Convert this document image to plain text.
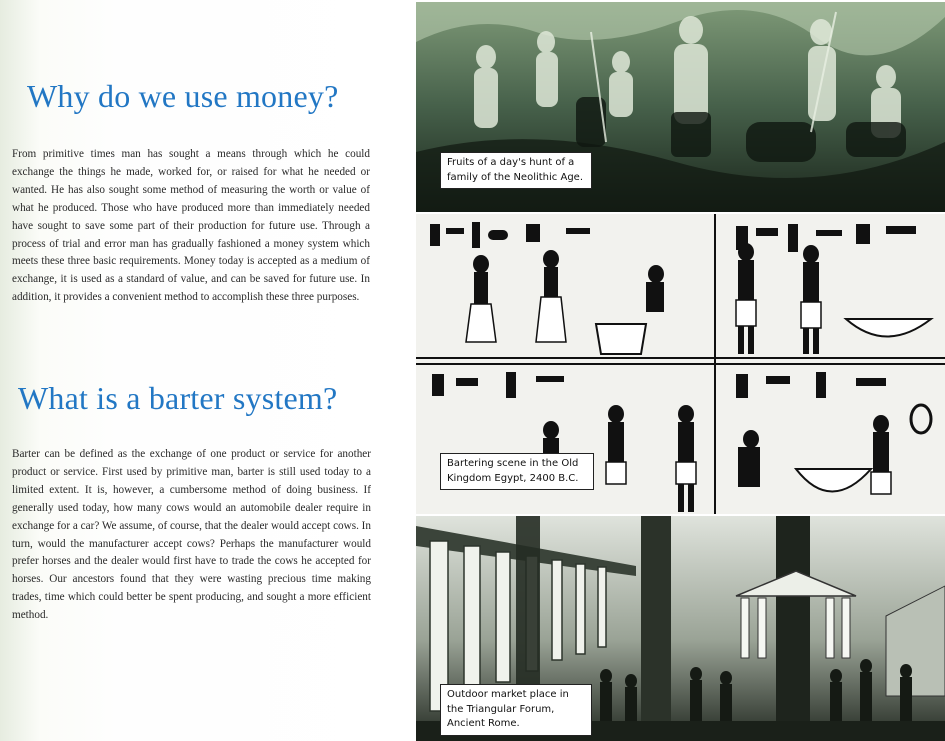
Why do we use money?

From primitive times man has sought a means through which he could exchange the things he made, worked for, or raised for what he needed or wanted. He has also sought some method of measuring the worth or value of what he produced. Those who have produced more than immediately needed have sought to save some part of their production for future use. Through a process of trial and error man has gradually fashioned a money system which meets these three basic requirements. Money today is accepted as a medium of exchange, it is used as a standard of value, and can be saved for future use. In addition, it provides a convenient method to accomplish these three purposes.

What is a barter system?

Barter can be defined as the exchange of one product or service for another product or service. First used by primitive man, barter is still used today to a limited extent. It is, however, a cumbersome method of doing business. If generally used today, how many cows would an automobile dealer require in exchange for a car? We assume, of course, that the dealer would accept cows. In turn, would the manufacturer accept cows? Perhaps the manufacturer would prefer horses and the dealer would first have to trade the cows he accepted for horses. Our ancestors found that they were wasting precious time making trades, time which could better be spent producing, and sought a more efficient method.

Fruits of a day's hunt of a family of the Neolithic Age.
Bartering scene in the Old Kingdom Egypt, 2400 B.C.
Outdoor market place in the Triangular Forum, Ancient Rome.
